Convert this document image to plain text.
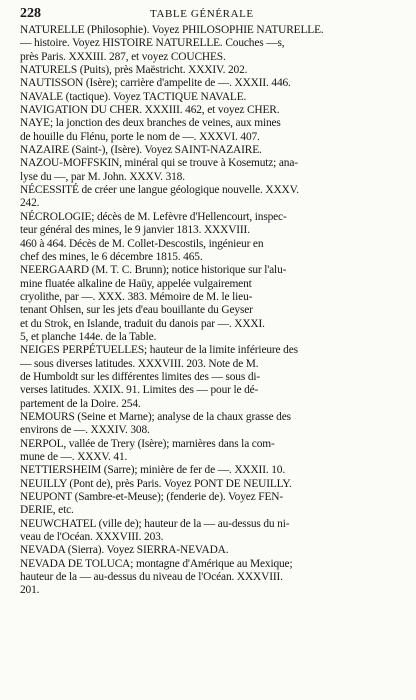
228	TABLE GÉNÉRALE
NATURELLE (Philosophie). Voyez PHILOSOPHIE NATURELLE.
— histoire. Voyez HISTOIRE NATURELLE. Couches —s,
près Paris. XXXIII. 287, et voyez COUCHES.
NATURELS (Puits), près Maëstricht. XXXIV. 202.
NAUTISSON (Isère); carrière d'ampelite de —. XXXII. 446.
NAVALE (tactique). Voyez TACTIQUE NAVALE.
NAVIGATION DU CHER. XXXIII. 462, et voyez CHER.
NAYE; la jonction des deux branches de veines, aux mines
de houille du Flénu, porte le nom de —. XXXVI. 407.
NAZAIRE (Saint-), (Isère). Voyez SAINT-NAZAIRE.
NAZOU-MOFFSKIN, minéral qui se trouve à Kosemutz; ana-
lyse du —, par M. John. XXXV. 318.
NÉCESSITÉ de créer une langue géologique nouvelle. XXXV.
242.
NÉCROLOGIE; décès de M. Lefèvre d'Hellencourt, inspec-
teur général des mines, le 9 janvier 1813. XXXVIII.
460 à 464. Décès de M. Collet-Descostils, ingénieur en
chef des mines, le 6 décembre 1815. 465.
NEERGAARD (M. T. C. Brunn); notice historique sur l'alu-
mine fluatée alkaline de Haüy, appelée vulgairement
cryolithe, par —. XXX. 383. Mémoire de M. le lieu-
tenant Ohlsen, sur les jets d'eau bouillante du Geyser
et du Strok, en Islande, traduit du danois par —. XXXI.
5, et planche 144e. de la Table.
NEIGES PERPÉTUELLES; hauteur de la limite inférieure des
— sous diverses latitudes. XXXVIII. 203. Note de M.
de Humboldt sur les différentes limites des — sous di-
verses latitudes. XXIX. 91. Limites des — pour le dé-
partement de la Doire. 254.
NEMOURS (Seine et Marne); analyse de la chaux grasse des
environs de —. XXXIV. 308.
NERPOL, vallée de Trery (Isère); marnières dans la com-
mune de —. XXXV. 41.
NETTIERSHEIM (Sarre); minière de fer de —. XXXII. 10.
NEUILLY (Pont de), près Paris. Voyez PONT DE NEUILLY.
NEUPONT (Sambre-et-Meuse); (fenderie de). Voyez FEN-
DERIE, etc.
NEUWCHATEL (ville de); hauteur de la — au-dessus du ni-
veau de l'Océan. XXXVIII. 203.
NEVADA (Sierra). Voyez SIERRA-NEVADA.
NEVADA DE TOLUCA; montagne d'Amérique au Mexique;
hauteur de la — au-dessus du niveau de l'Océan. XXXVIII.
201.
